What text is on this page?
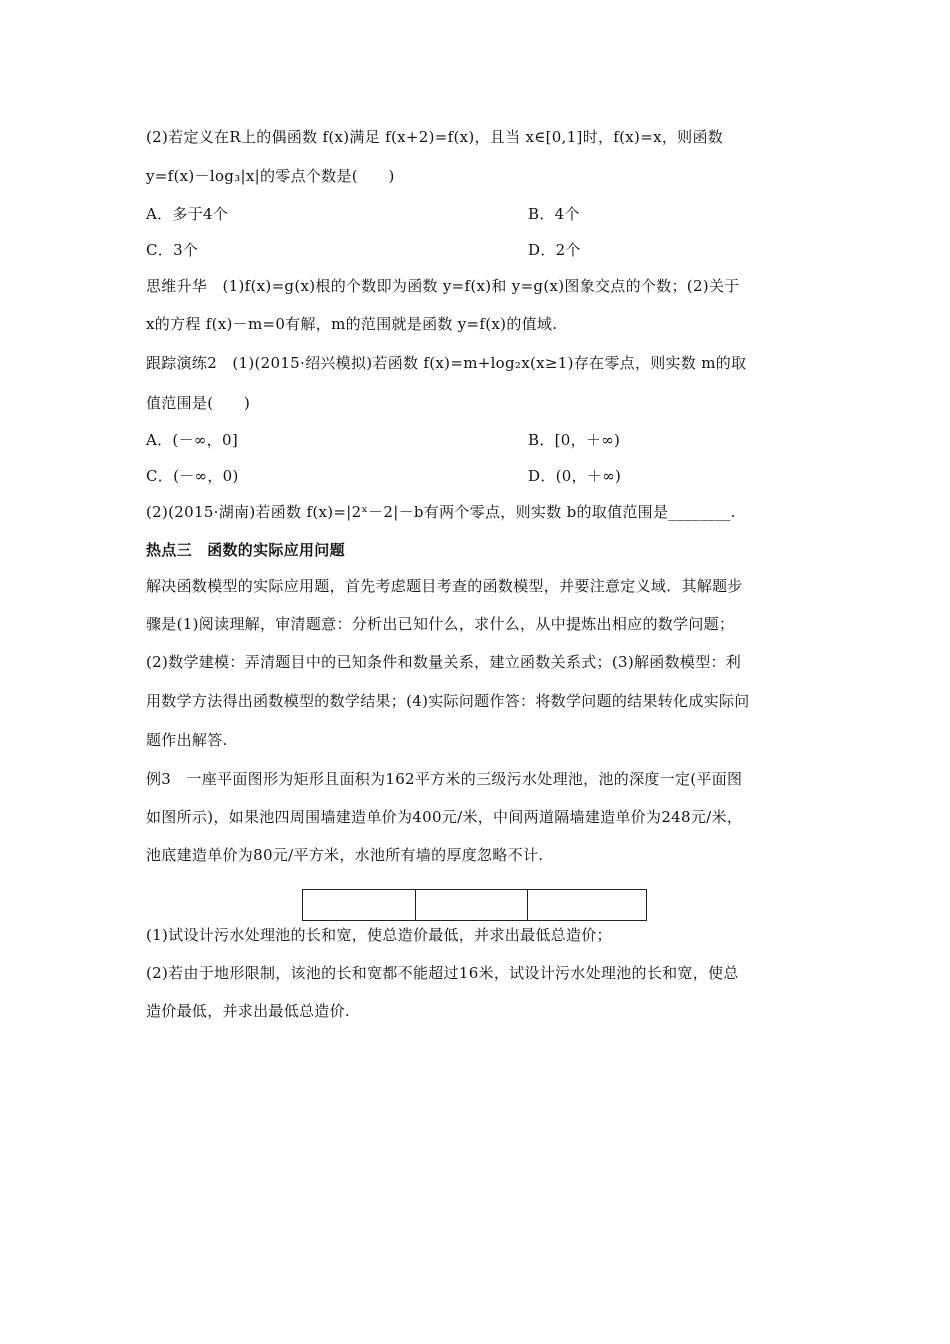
(2)若定义在R上的偶函数 f(x)满足 f(x+2)=f(x)，且当 x∈[0,1]时，f(x)=x，则函数
y=f(x)－log₃|x|的零点个数是(　　)
A．多于4个	B．4个
C．3个	D．2个
思维升华　(1)f(x)=g(x)根的个数即为函数 y=f(x)和 y=g(x)图象交点的个数；(2)关于
x的方程 f(x)－m=0有解，m的范围就是函数 y=f(x)的值域.
跟踪演练2　(1)(2015·绍兴模拟)若函数 f(x)=m+log₂x(x≥1)存在零点，则实数 m的取
值范围是(　　)
A．(－∞，0]	B．[0，＋∞)
C．(－∞，0)	D．(0，＋∞)
(2)(2015·湖南)若函数 f(x)=|2ˣ－2|－b有两个零点，则实数 b的取值范围是________.
热点三　函数的实际应用问题
解决函数模型的实际应用题，首先考虑题目考查的函数模型，并要注意定义域．其解题步
骤是(1)阅读理解，审清题意：分析出已知什么，求什么，从中提炼出相应的数学问题；
(2)数学建模：弄清题目中的已知条件和数量关系，建立函数关系式；(3)解函数模型：利
用数学方法得出函数模型的数学结果；(4)实际问题作答：将数学问题的结果转化成实际问
题作出解答.
例3　一座平面图形为矩形且面积为162平方米的三级污水处理池，池的深度一定(平面图
如图所示)，如果池四周围墙建造单价为400元/米，中间两道隔墙建造单价为248元/米，
池底建造单价为80元/平方米，水池所有墙的厚度忽略不计.
(1)试设计污水处理池的长和宽，使总造价最低，并求出最低总造价；
(2)若由于地形限制，该池的长和宽都不能超过16米，试设计污水处理池的长和宽，使总
造价最低，并求出最低总造价.
